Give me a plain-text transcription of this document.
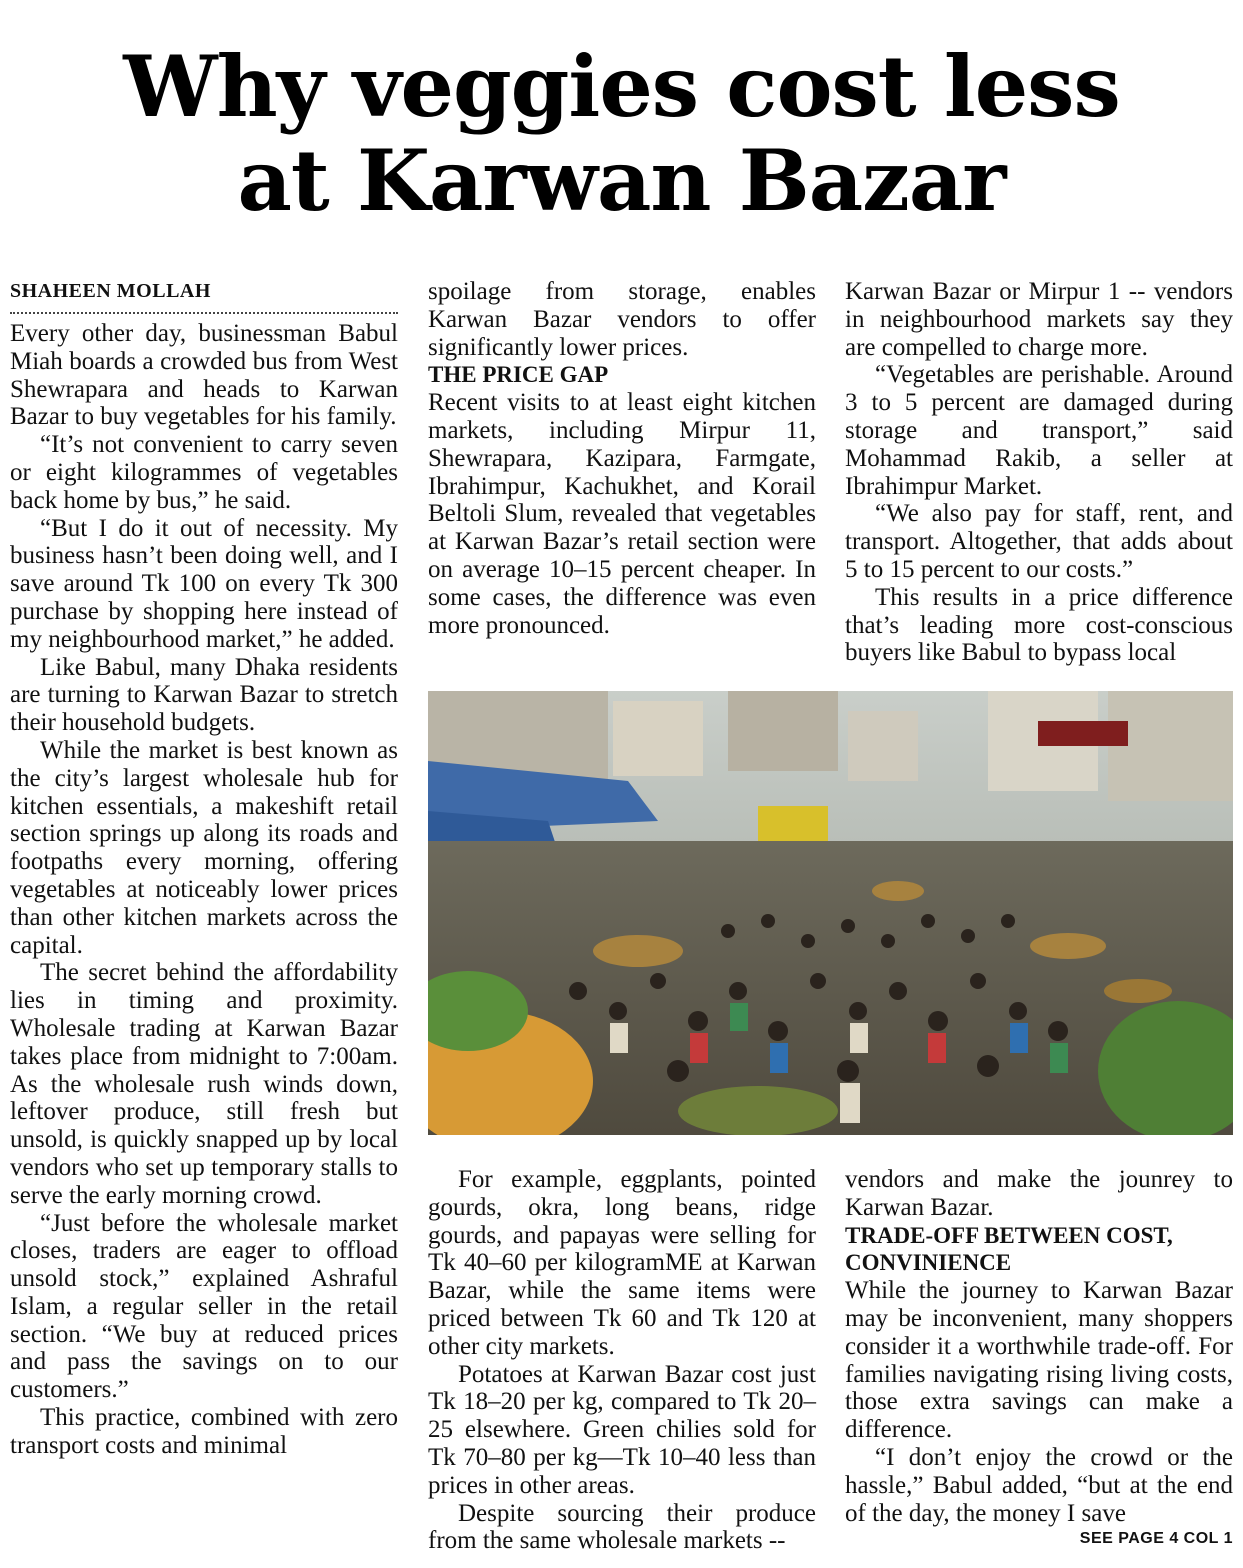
Why veggies cost less
at Karwan Bazar
SHAHEEN MOLLAH

Every other day, businessman Babul Miah boards a crowded bus from West Shewrapara and heads to Karwan Bazar to buy vegetables for his family.

“It’s not convenient to carry seven or eight kilogrammes of vegetables back home by bus,” he said.

“But I do it out of necessity. My business hasn’t been doing well, and I save around Tk 100 on every Tk 300 purchase by shopping here instead of my neighbourhood market,” he added.

Like Babul, many Dhaka residents are turning to Karwan Bazar to stretch their household budgets.

While the market is best known as the city’s largest wholesale hub for kitchen essentials, a makeshift retail section springs up along its roads and footpaths every morning, offering vegetables at noticeably lower prices than other kitchen markets across the capital.

The secret behind the affordability lies in timing and proximity. Wholesale trading at Karwan Bazar takes place from midnight to 7:00am. As the wholesale rush winds down, leftover produce, still fresh but unsold, is quickly snapped up by local vendors who set up temporary stalls to serve the early morning crowd.

“Just before the wholesale market closes, traders are eager to offload unsold stock,” explained Ashraful Islam, a regular seller in the retail section. “We buy at reduced prices and pass the savings on to our customers.”

This practice, combined with zero transport costs and minimal

spoilage from storage, enables Karwan Bazar vendors to offer significantly lower prices.

THE PRICE GAP

Recent visits to at least eight kitchen markets, including Mirpur 11, Shewrapara, Kazipara, Farmgate, Ibrahimpur, Kachukhet, and Korail Beltoli Slum, revealed that vegetables at Karwan Bazar’s retail section were on average 10–15 percent cheaper. In some cases, the difference was even more pronounced.

Karwan Bazar or Mirpur 1 -- vendors in neighbourhood markets say they are compelled to charge more.

“Vegetables are perishable. Around 3 to 5 percent are damaged during storage and transport,” said Mohammad Rakib, a seller at Ibrahimpur Market.

“We also pay for staff, rent, and transport. Altogether, that adds about 5 to 15 percent to our costs.”

This results in a price difference that’s leading more cost-conscious buyers like Babul to bypass local

For example, eggplants, pointed gourds, okra, long beans, ridge gourds, and papayas were selling for Tk 40–60 per kilogramME at Karwan Bazar, while the same items were priced between Tk 60 and Tk 120 at other city markets.

Potatoes at Karwan Bazar cost just Tk 18–20 per kg, compared to Tk 20–25 elsewhere. Green chilies sold for Tk 70–80 per kg—Tk 10–40 less than prices in other areas.

Despite sourcing their produce from the same wholesale markets --

vendors and make the jounrey to Karwan Bazar.

TRADE-OFF BETWEEN COST, CONVINIENCE

While the journey to Karwan Bazar may be inconvenient, many shoppers consider it a worthwhile trade-off. For families navigating rising living costs, those extra savings can make a difference.

“I don’t enjoy the crowd or the hassle,” Babul added, “but at the end of the day, the money I save

SEE PAGE 4 COL 1
